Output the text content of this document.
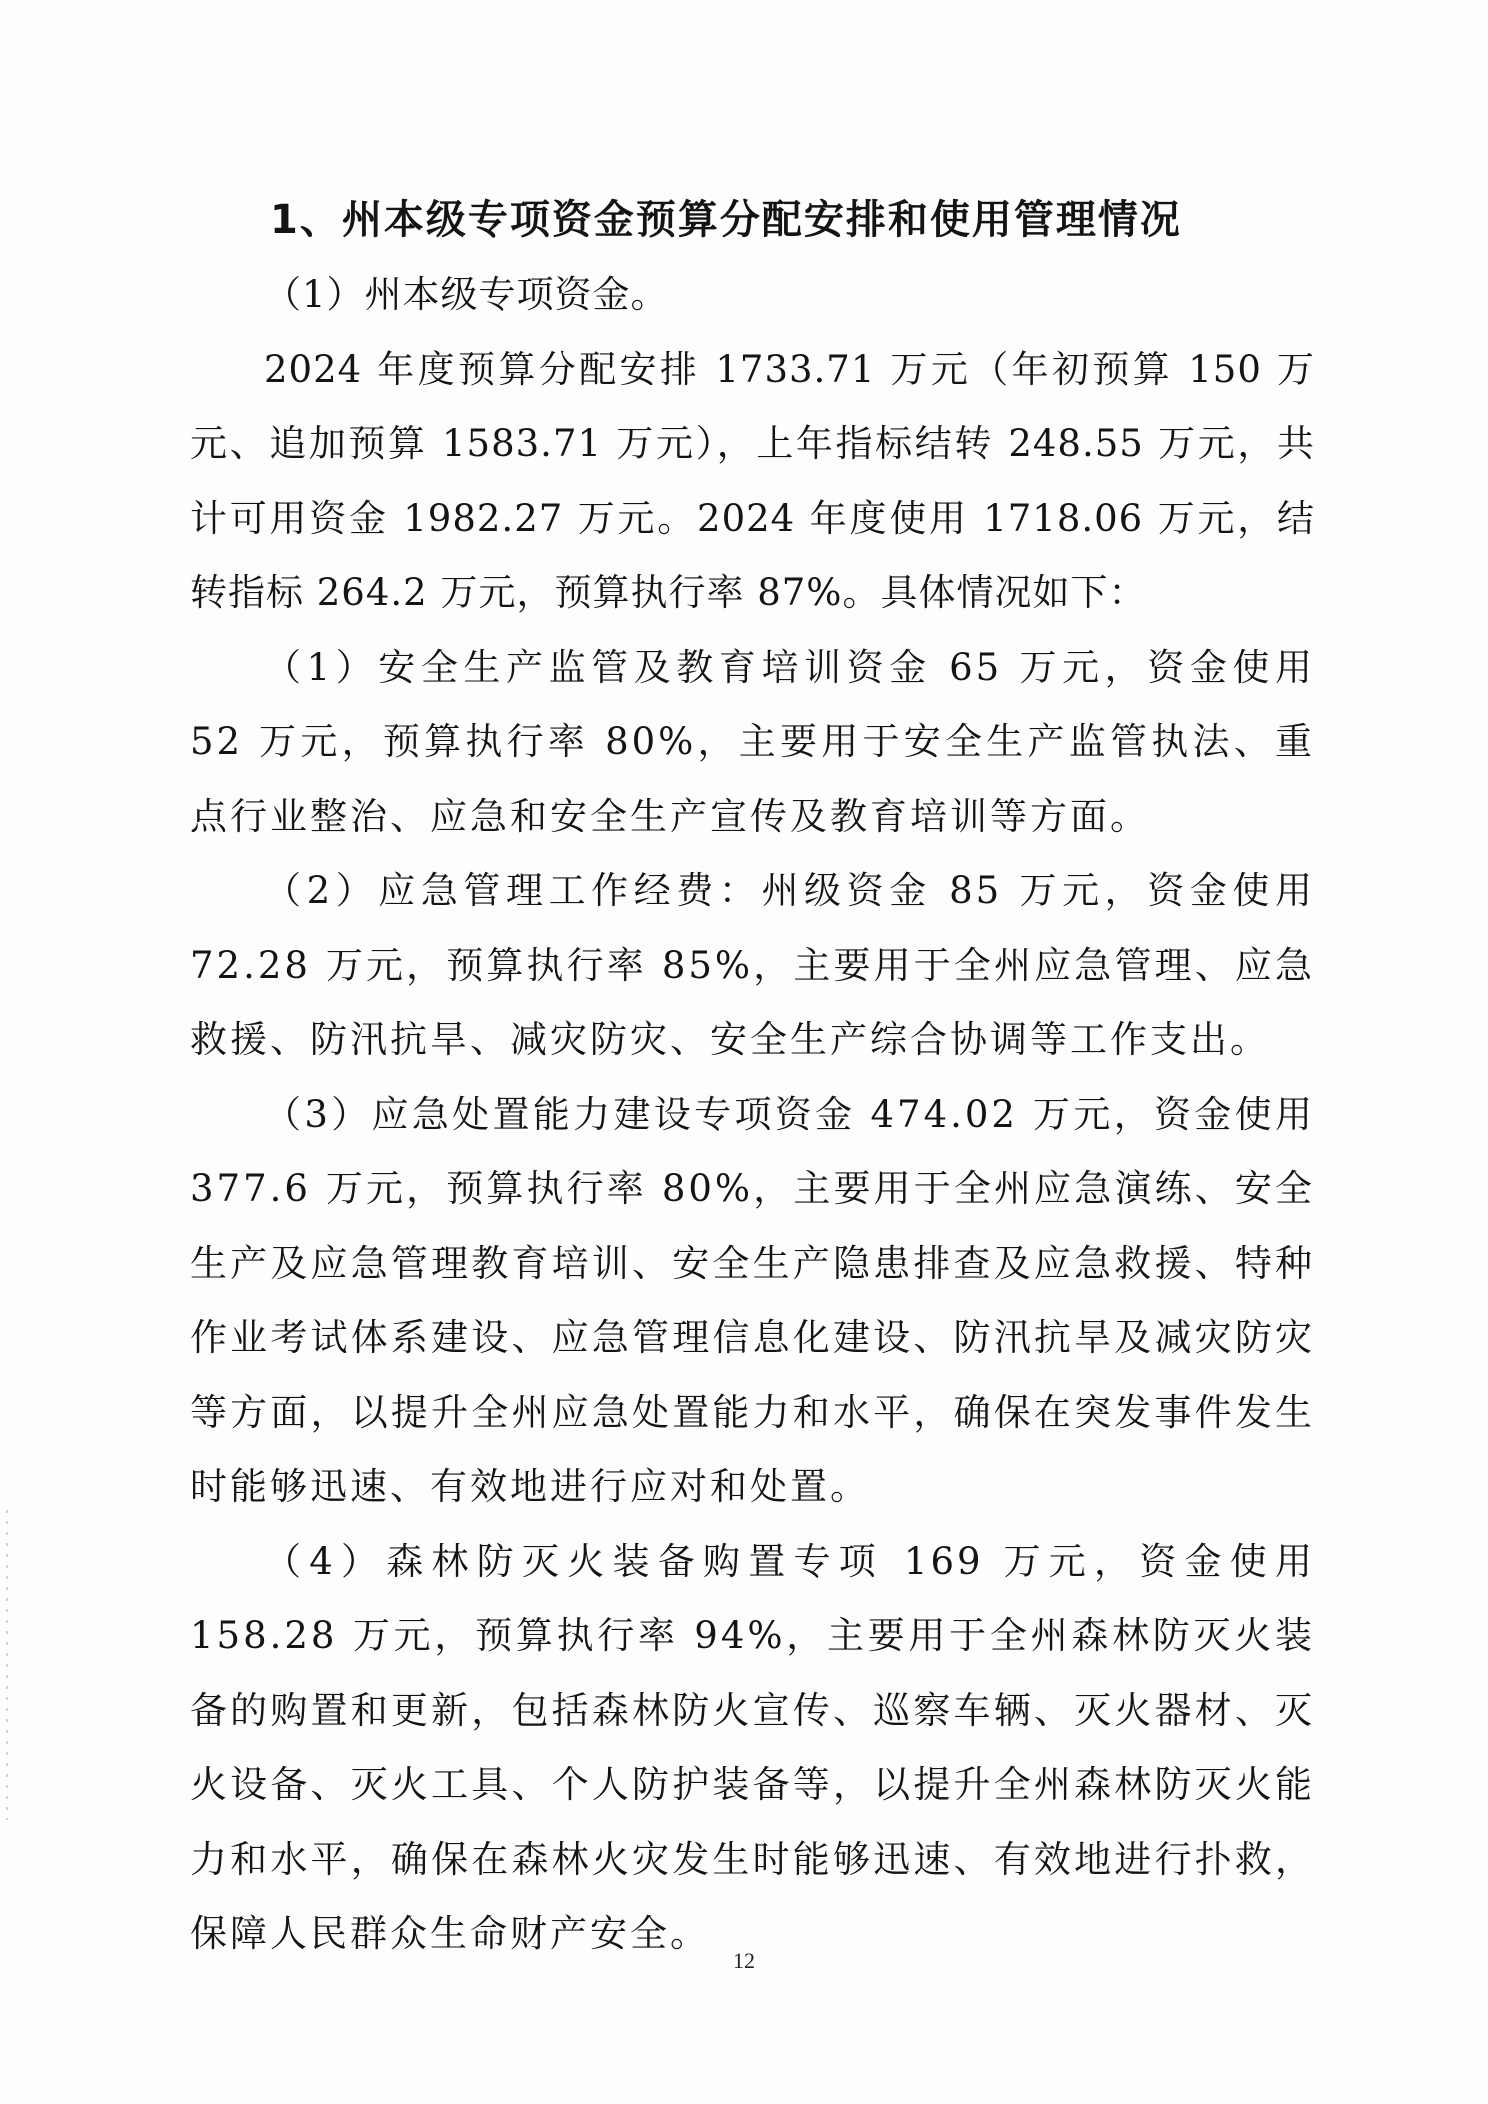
1、州本级专项资金预算分配安排和使用管理情况

（1）州本级专项资金。

2024 年度预算分配安排 1733.71 万元（年初预算 150 万元、追加预算 1583.71 万元），上年指标结转 248.55 万元，共计可用资金 1982.27 万元。2024 年度使用 1718.06 万元，结转指标 264.2 万元，预算执行率 87%。具体情况如下：

（1）安全生产监管及教育培训资金 65 万元，资金使用 52 万元，预算执行率 80%，主要用于安全生产监管执法、重点行业整治、应急和安全生产宣传及教育培训等方面。

（2）应急管理工作经费：州级资金 85 万元，资金使用 72.28 万元，预算执行率 85%，主要用于全州应急管理、应急救援、防汛抗旱、减灾防灾、安全生产综合协调等工作支出。

（3）应急处置能力建设专项资金 474.02 万元，资金使用 377.6 万元，预算执行率 80%，主要用于全州应急演练、安全生产及应急管理教育培训、安全生产隐患排查及应急救援、特种作业考试体系建设、应急管理信息化建设、防汛抗旱及减灾防灾等方面，以提升全州应急处置能力和水平，确保在突发事件发生时能够迅速、有效地进行应对和处置。

（4）森林防灭火装备购置专项 169 万元，资金使用 158.28 万元，预算执行率 94%，主要用于全州森林防灭火装备的购置和更新，包括森林防火宣传、巡察车辆、灭火器材、灭火设备、灭火工具、个人防护装备等，以提升全州森林防灭火能力和水平，确保在森林火灾发生时能够迅速、有效地进行扑救，保障人民群众生命财产安全。

12
